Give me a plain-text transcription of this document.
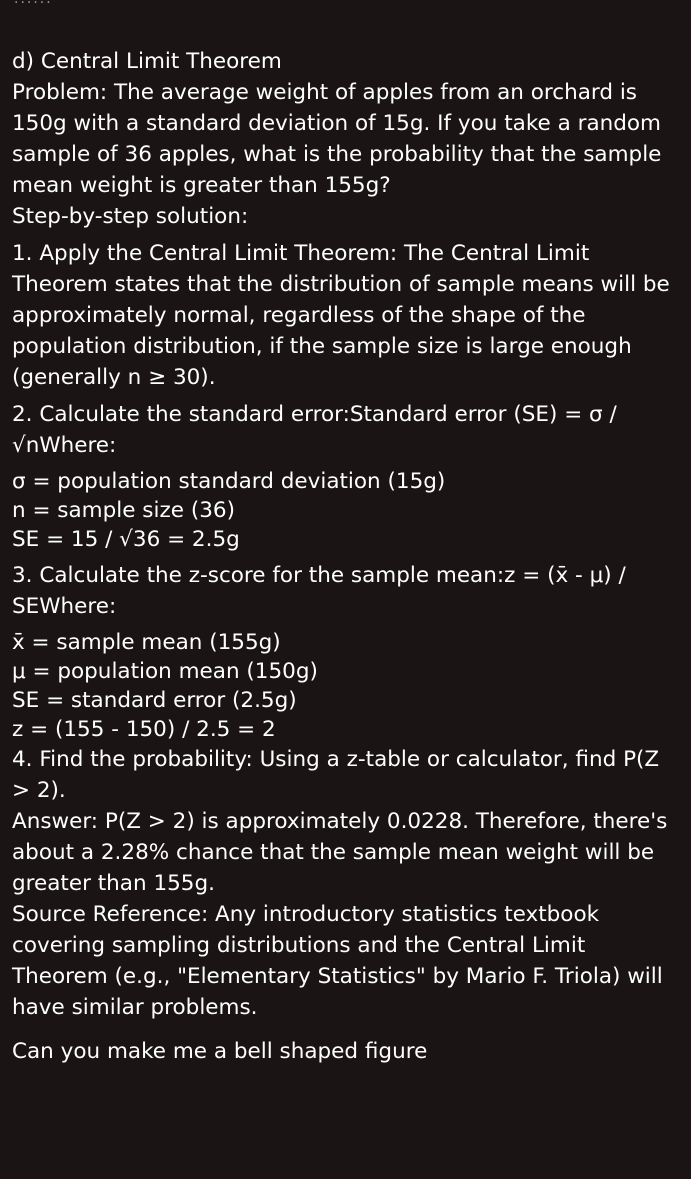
d) Central Limit Theorem

Problem: The average weight of apples from an orchard is 150g with a standard deviation of 15g. If you take a random sample of 36 apples, what is the probability that the sample mean weight is greater than 155g?

Step-by-step solution:

1. Apply the Central Limit Theorem: The Central Limit Theorem states that the distribution of sample means will be approximately normal, regardless of the shape of the population distribution, if the sample size is large enough (generally n ≥ 30).

2. Calculate the standard error:Standard error (SE) = σ / √nWhere:

σ = population standard deviation (15g)

n = sample size (36)

SE = 15 / √36 = 2.5g

3. Calculate the z-score for the sample mean:z = (x̄ - μ) / SEWhere:

x̄ = sample mean (155g)

μ = population mean (150g)

SE = standard error (2.5g)

z = (155 - 150) / 2.5 = 2

4. Find the probability: Using a z-table or calculator, find P(Z > 2).

Answer: P(Z > 2) is approximately 0.0228. Therefore, there's about a 2.28% chance that the sample mean weight will be greater than 155g.

Source Reference: Any introductory statistics textbook covering sampling distributions and the Central Limit Theorem (e.g., "Elementary Statistics" by Mario F. Triola) will have similar problems.

Can you make me a bell shaped figure
